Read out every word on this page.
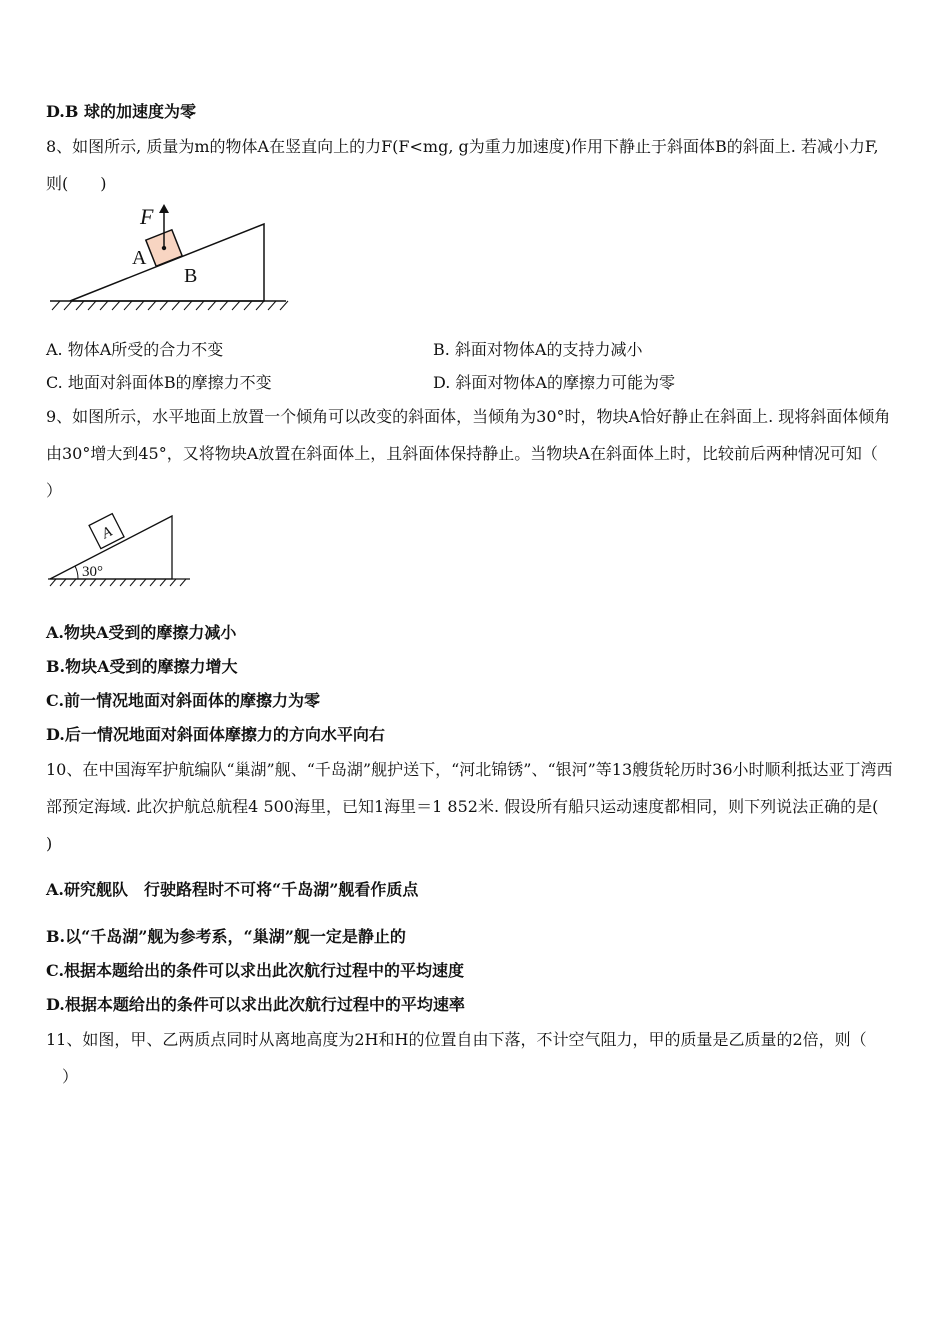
D.B 球的加速度为零
8、如图所示, 质量为m的物体A在竖直向上的力F(F<mg, g为重力加速度)作用下静止于斜面体B的斜面上. 若减小力F,
则(　　)
F
A
B
A. 物体A所受的合力不变	B. 斜面对物体A的支持力减小
C. 地面对斜面体B的摩擦力不变	D. 斜面对物体A的摩擦力可能为零
9、如图所示，水平地面上放置一个倾角可以改变的斜面体，当倾角为30°时，物块A恰好静止在斜面上. 现将斜面体倾角
由30°增大到45°，又将物块A放置在斜面体上，且斜面体保持静止。当物块A在斜面体上时，比较前后两种情况可知（
）
A
30°
A.物块A受到的摩擦力减小
B.物块A受到的摩擦力增大
C.前一情况地面对斜面体的摩擦力为零
D.后一情况地面对斜面体摩擦力的方向水平向右
10、在中国海军护航编队“巢湖”舰、“千岛湖”舰护送下，“河北锦锈”、“银河”等13艘货轮历时36小时顺利抵达亚丁湾西
部预定海域. 此次护航总航程4 500海里，已知1海里＝1 852米. 假设所有船只运动速度都相同，则下列说法正确的是(
)
A.研究舰队　行驶路程时不可将“千岛湖”舰看作质点
B.以“千岛湖”舰为参考系，“巢湖”舰一定是静止的
C.根据本题给出的条件可以求出此次航行过程中的平均速度
D.根据本题给出的条件可以求出此次航行过程中的平均速率
11、如图，甲、乙两质点同时从离地高度为2H和H的位置自由下落，不计空气阻力，甲的质量是乙质量的2倍，则（
）
